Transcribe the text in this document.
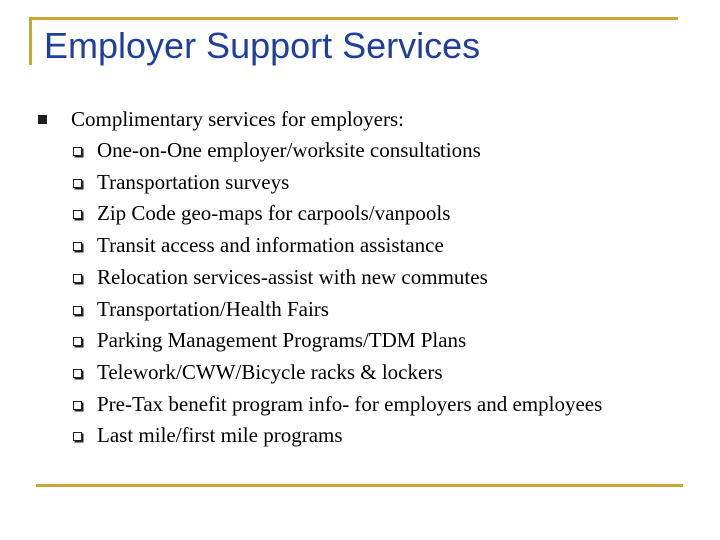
Employer Support Services
Complimentary services for employers:
One-on-One employer/worksite consultations
Transportation surveys
Zip Code geo-maps for carpools/vanpools
Transit access and information assistance
Relocation services-assist with new commutes
Transportation/Health Fairs
Parking Management Programs/TDM Plans
Telework/CWW/Bicycle racks & lockers
Pre-Tax benefit program info- for employers and employees
Last mile/first mile programs
